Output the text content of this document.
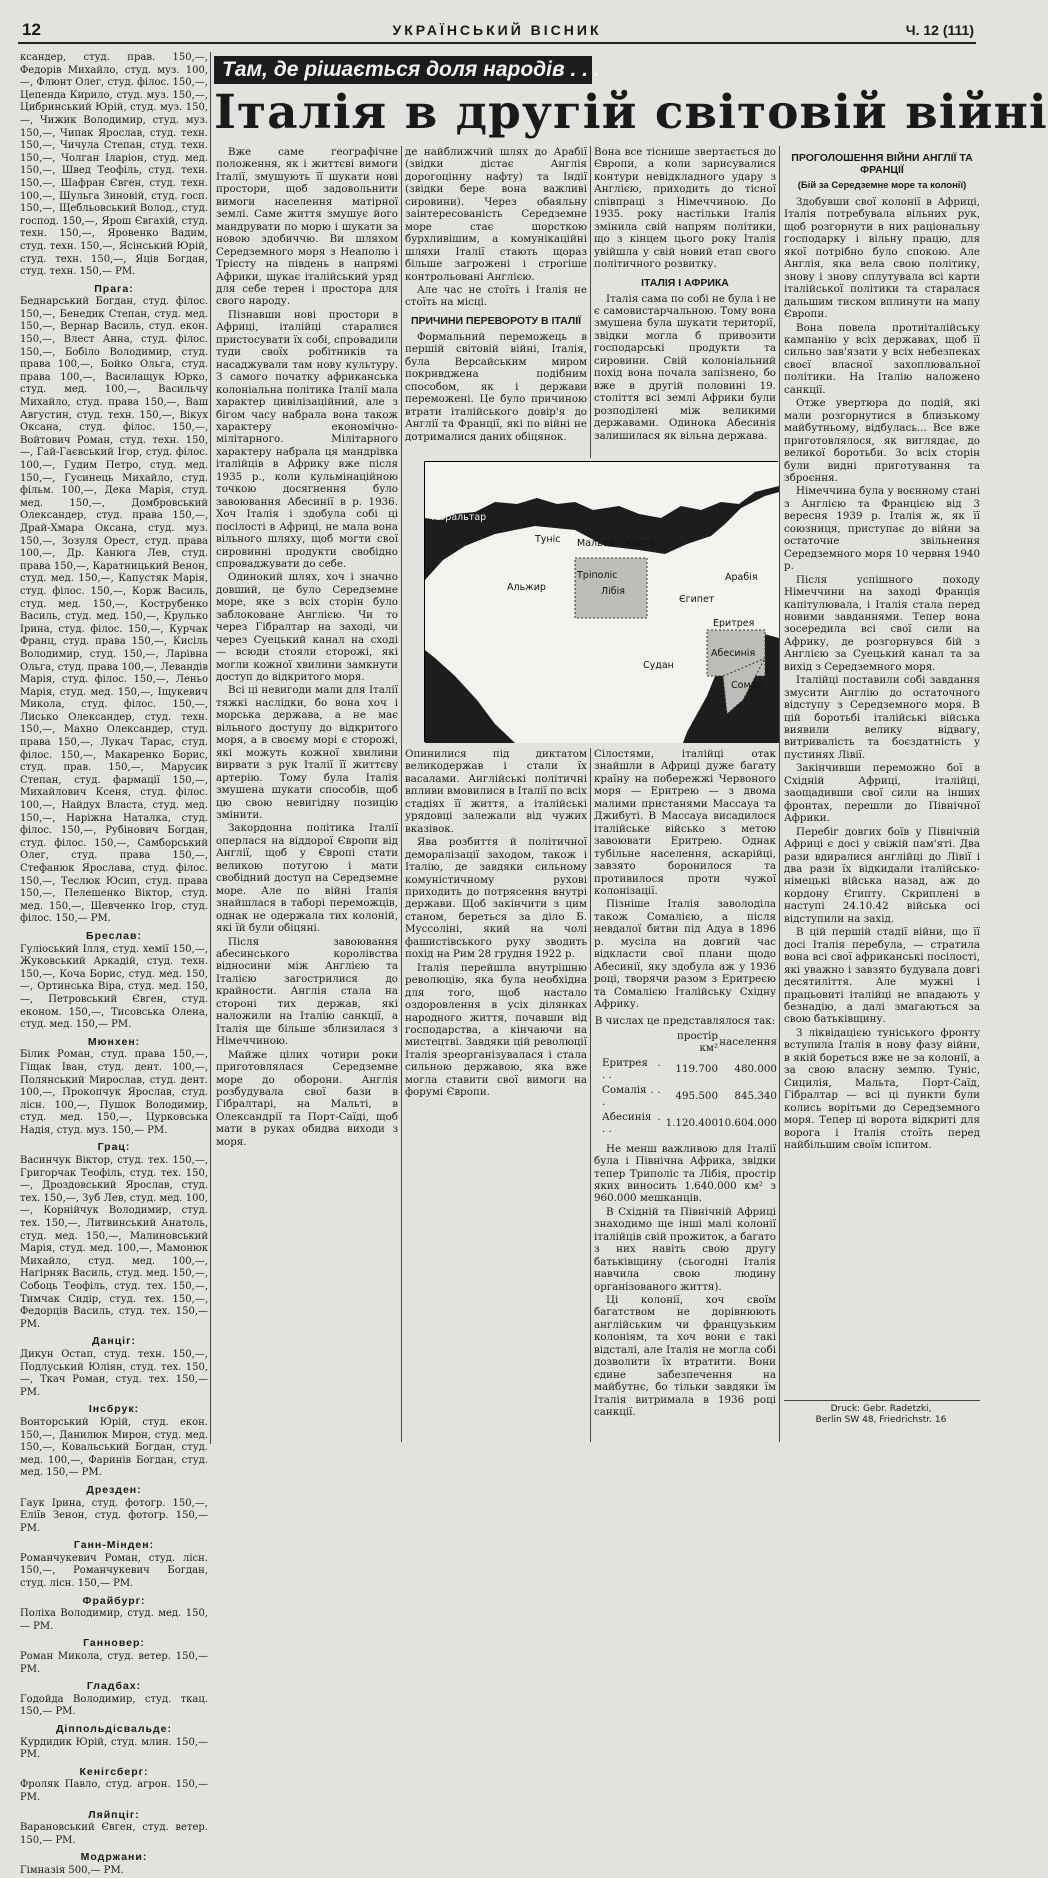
12	УКРАЇНСЬКИЙ ВІСНИК	Ч. 12 (111)

ксандер, студ. прав. 150,—, Федорів Михайло, студ. муз. 100,—, Флюнт Олег, студ. філос. 150,—, Цепенда Кирило, студ. муз. 150,—, Цибринський Юрій, студ. муз. 150,—, Чижик Володимир, студ. муз. 150,—, Чипак Ярослав, студ. техн. 150,—, Чичула Степан, студ. техн. 150,—, Чолган Іларіон, студ. мед. 150,—, Швед Теофіль, студ. техн. 150,—, Шафран Євген, студ. техн. 100,—, Шульга Зиновій, студ. госп. 150,—, Щебльовський Волод., студ. господ. 150,—, Ярош Євгахій, студ. техн. 150,—, Яровенко Вадим, студ. техн. 150,—, Ясінський Юрій, студ. техн. 150,—, Яців Богдан, студ. техн. 150,— РМ.

Прага:

Беднарський Богдан, студ. філос. 150,—, Бенедик Степан, студ. мед. 150,—, Вернар Василь, студ. екон. 150,—, Влест Анна, студ. філос. 150,—, Бобіло Володимир, студ. права 100,—, Бойко Ольга, студ. права 100,—, Василащук Юрко, студ. мед. 100,—, Васильчу Михайло, студ. права 150,—, Ваш Августин, студ. техн. 150,—, Вікух Оксана, студ. філос. 150,—, Войтович Роман, студ. техн. 150,—, Гай-Гаєвський Ігор, студ. філос. 100,—, Гудим Петро, студ. мед. 150,—, Гусинець Михайло, студ. фільм. 100,—, Дека Марія, студ. мед. 150,—, Домбровський Олександер, студ. права 150,—, Драй-Хмара Оксана, студ. муз. 150,—, Зозуля Орест, студ. права 100,—, Др. Канюга Лев, студ. права 150,—, Каратницький Венон, студ. мед. 150,—, Капустяк Марія, студ. філос. 150,—, Корж Василь, студ. мед. 150,—, Кострубенко Василь, студ. мед. 150,—, Крулько Ірина, студ. філос. 150,—, Курчак Франц, студ. права 150,—, Кисіль Володимир, студ. 150,—, Ларівна Ольга, студ. права 100,—, Левандів Марія, студ. філос. 150,—, Леньо Марія, студ. мед. 150,—, Іщукевич Микола, студ. філос. 150,—, Лисько Олександер, студ. техн. 150,—, Махно Олександер, студ. права 150,—, Лукач Тарас, студ. філос. 150,—, Макаренко Борис, студ. прав. 150,—, Марусик Степан, студ. фармації 150,—, Михайлович Ксеня, студ. філос. 100,—, Найдух Власта, студ. мед. 150,—, Наріжна Наталка, студ. філос. 150,—, Рубінович Богдан, студ. філос. 150,—, Самборський Олег, студ. права 150,—, Стефанюк Ярослава, студ. філос. 150,—, Теслюк Юсип, студ. права 150,—, Пелешенко Віктор, студ. мед. 150,—, Шевченко Ігор, студ. філос. 150,— РМ.

Бреслав:

Гуліоський Ілля, студ. хемії 150,—, Жуковський Аркадій, студ. техн. 150,—, Коча Борис, студ. мед. 150,—, Ортинська Віра, студ. мед. 150,—, Петровський Євген, студ. економ. 150,—, Тисовська Олена, студ. мед. 150,— РМ.

Мюнхен:

Білик Роман, студ. права 150,—, Гіщак Іван, студ. дент. 100,—, Полянський Мирослав, студ. дент. 100,—, Прокопчук Ярослав, студ. лісн. 100,—, Пушок Володимир, студ. мед. 150,—, Цурковська Надія, студ. муз. 150,— РМ.

Грац:

Васинчук Віктор, студ. тех. 150,—, Григорчак Теофіль, студ. тех. 150,—, Дроздовський Ярослав, студ. тех. 150,—, Зуб Лев, студ. мед. 100,—, Корнійчук Володимир, студ. тех. 150,—, Литвинський Анатоль, студ. мед. 150,—, Малиновський Марія, студ. мед. 100,—, Мамонюк Михайло, студ. мед. 100,—, Нагірняк Василь, студ. мед. 150,—, Собоць Теофіль, студ. тех. 150,—, Тимчак Сидір, студ. тех. 150,—, Федорців Василь, студ. тех. 150,— РМ.

Данціг:

Дикун Остап, студ. техн. 150,—, Подлуський Юліян, студ. тех. 150,—, Ткач Роман, студ. тех. 150,— РМ.

Інсбрук:

Вонторський Юрій, студ. екон. 150,—, Данилюк Мирон, студ. мед. 150,—, Ковальський Богдан, студ. мед. 100,—, Фаринів Богдан, студ. мед. 150,— РМ.

Дрезден:

Гаук Ірина, студ. фотогр. 150,—, Еліїв Зенон, студ. фотогр. 150,— РМ.

Ганн-Мінден:

Романчукевич Роман, студ. лісн. 150,—, Романчукевич Богдан, студ. лісн. 150,— РМ.

Фрайбург:

Поліха Володимир, студ. мед. 150,— РМ.

Ганновер:

Роман Микола, студ. ветер. 150,— РМ.

Гладбах:

Годойда Володимир, студ. ткац. 150,— РМ.

Діппольдісвальде:

Курдидик Юрій, студ. млин. 150,— РМ.

Кенігсберг:

Фроляк Павло, студ. агрон. 150,— РМ.

Ляйпціг:

Варановський Євген, студ. ветер. 150,— РМ.

Модржани:

Гімназія 500,— РМ.

Там, де рішається доля народів . . .
Італія в другій світовій війні

Вже саме географічне положення, як і життєві вимоги Італії, змушують її шукати нові простори, щоб задовольнити вимоги населення матірної землі. Саме життя змушує його мандрувати по морю і шукати за новою здобиччю. Ви шляхом Середземного моря з Неаполю і Трієсту на південь в напрямі Африки, шукає італійський уряд для себе терен і простора для свого народу.

Пізнавши нові простори в Африці, італійці старалися пристосувати їх собі, спровадили туди своїх робітників та насаджували там нову культуру. З самого початку африканська колоніальна політика Італії мала характер цивілізаційний, але з бігом часу набрала вона також характеру економічно-мілітарного. Мілітарного характеру набрала ця мандрівка італійців в Африку вже після 1935 р., коли кульмінаційною точкою досягнення було завоювання Абесинії в р. 1936. Хоч Італія і здобула собі ці посілості в Африці, не мала вона вільного шляху, щоб могти свої сировинні продукти свобідно спроваджувати до себе.

Одинокий шлях, хоч і значно довший, це було Середземне море, яке з всіх сторін було заблоковане Англією. Чи то через Гібралтар на заході, чи через Суецький канал на сході — всюди стояли сторожі, які могли кожної хвилини замкнути доступ до відкритого моря.

Всі ці невигоди мали для Італії тяжкі наслідки, бо вона хоч і морська держава, а не має вільного доступу до відкритого моря, а в своєму морі є сторожі, які можуть кожної хвилини вирвати з рук Італії її життєву артерію. Тому була Італія змушена шукати способів, щоб цю свою невигідну позицію змінити.

Закордонна політика Італії оперлася на віддорої Європи від Англії, щоб у Європі стати великою потугою і мати свобідний доступ на Середземне море. Але по війні Італія знайшлася в таборі переможців, однак не одержала тих колоній, які їй були обіцяні.

Після завоювання абесинського королівства відносини між Англією та Італією загострилися до крайности. Англія стала на стороні тих держав, які наложили на Італію санкції, а Італія ще більше зблизилася з Німеччиною.

Майже цілих чотири роки приготовлялася Середземне море до оборони. Англія розбудувала свої бази в Гібралтарі, на Мальті, в Олександрії та Порт-Саїді, щоб мати в руках обидва виходи з моря.

де найближчий шлях до Арабії (звідки дістає Англія дорогоцінну нафту) та Індії (звідки бере вона важливі сировини). Через обаяльну заінтересованість Середземне море стає шорсткою бурхливішим, а комунікаційні шляхи Італії стають щораз більше загрожені і строгіше контрольовані Англією.

Але час не стоїть і Італія не стоїть на місці.

ПРИЧИНИ ПЕРЕВОРОТУ В ІТАЛІЇ

Формальний переможець в першій світовій війні, Італія, була Версайським миром покривджена подібним способом, як і держави переможені. Це було причиною втрати італійського довір'я до Англії та Франції, які по війні не дотрималися даних обіцянок.

Вона все тіснише звертається до Європи, а коли зарисувалися контури невідкладного удару з Англією, приходить до тісної співпраці з Німеччиною. До 1935. року настільки Італія змінила свій напрям політики, що з кінцем цього року Італія увійшла у свій новий етап свого політичного розвитку.

ІТАЛІЯ І АФРИКА

Італія сама по собі не була і не є самовистарчальною. Тому вона змушена була шукати території, звідки могла б привозити господарські продукти та сировини. Свій колоніальний похід вона почала запізнено, бо вже в другій половині 19. століття всі землі Африки були розподілені між великими державами. Одинока Абесинія залишилася як вільна держава.

Гібральтар
Туніс Мальта Крета
Альжир
Тріполіс
Лібія
Єгипет
Арабія
Судан
Еритрея
Абесинія
Сомалі

Опинилися під диктатом великодержав і стали їх васалами. Англійські політичні впливи вмовилися в Італії по всіх стадіях її життя, а італійські урядовці залежали від чужих вказівок.

Ява розбиття й політичної деморалізації заходом, також і Італію, де завдяки сильному комуністичному рухові приходить до потрясення внутрі держави. Щоб закінчити з цим станом, береться за діло Б. Муссоліні, який на чолі фашистівського руху зводить похід на Рим 28 грудня 1922 р.

Італія перейшла внутрішню революцію, яка була необхідна для того, щоб настало оздоровлення в усіх ділянках народного життя, почавши від господарства, а кінчаючи на мистецтві. Завдяки цій революції Італія зреорганізувалася і стала сильною державою, яка вже могла ставити свої вимоги на форумі Європи.

Сілостями, італійці отак знайшли в Африці дуже багату країну на побережжі Червоного моря — Еритрею — з двома малими пристанями Массауа та Джибуті. В Массауа висадилося італійське військо з метою завоювати Еритрею. Однак тубільне населення, аскарійці, завзято боронилося та противилося проти чужої колонізації.

Пізніше Італія заволоділа також Сомалією, а після невдалої битви під Адуа в 1896 р. мусіла на довгий час відкласти свої плани щодо Абесинії, яку здобула аж у 1936 році, творячи разом з Еритреєю та Сомалією Італійську Східну Африку.

В числах це представлялося так:

	простір км²	населення
Еритрея . . .	119.700	480.000
Сомалія . . .	495.500	845.340
Абесинія . . .	1.120.400	10.604.000

Не менш важливою для Італії була і Північна Африка, звідки тепер Триполіс та Лібія, простір яких виносить 1.640.000 км² з 960.000 мешканців.

В Східній та Північній Африці знаходимо ще інші малі колонії італійців свій прожиток, а багато з них навіть свою другу батьківщину (сьогодні Італія навчила свою людину організованого життя).

Ці колонії, хоч своїм багатством не дорівнюють англійським чи французьким колоніям, та хоч вони є такі відсталі, але Італія не могла собі дозволити їх втратити. Вони єдине забезпечення на майбутнє, бо тільки завдяки їм Італія витримала в 1936 році санкції.

ПРОГОЛОШЕННЯ ВІЙНИ АНГЛІЇ ТА ФРАНЦІЇ
(Бій за Середземне море та колонії)

Здобувши свої колонії в Африці, Італія потребувала вільних рук, щоб розгорнути в них раціональну господарку і вільну працю, для якої потрібно було спокою. Але Англія, яка вела свою політику, знову і знову сплутувала всі карти італійської політики та старалася дальшим тиском вплинути на мапу Європи.

Вона повела протиіталійську кампанію у всіх державах, щоб її сильно зав'язати у всіх небезпеках своєї власної захоплювальної політики. На Італію наложено санкції.

Отже увертюра до подій, які мали розгорнутися в близькому майбутньому, відбулась... Все вже приготовлялося, як виглядає, до великої боротьби. Зо всіх сторін були видні приготування та зброєння.

Німеччина була у воєнному стані з Англією та Францією від 3 вересня 1939 р. Італія ж, як її союзниця, приступає до війни за остаточне звільнення Середземного моря 10 червня 1940 р.

Після успішного походу Німеччини на заході Франція капітулювала, і Італія стала перед новими завданнями. Тепер вона зосередила всі свої сили на Африку, де розгорнувся бій з Англією за Суецький канал та за вихід з Середземного моря.

Італійці поставили собі завдання змусити Англію до остаточного відступу з Середземного моря. В цій боротьбі італійські війська виявили велику відвагу, витривалість та боєздатність у пустинях Лівії.

Закінчивши переможно бої в Східній Африці, італійці, заощадивши свої сили на інших фронтах, перешли до Північної Африки.

Перебіг довгих боїв у Північній Африці є досі у свіжій пам'яті. Два рази вдиралися англійці до Лівії і два рази їх відкидали італійсько-німецькі війська назад, аж до кордону Єгипту. Скриплені в наступі 24.10.42 війська осі відступили на захід.

В цій першій стадії війни, що її досі Італія перебула, — стратила вона всі свої африканські посілості, які уважно і завзято будувала довгі десятиліття. Але мужні і працьовиті італійці не впадають у безнадію, а далі змагаються за свою батьківщину.

З ліквідацією туніського фронту вступила Італія в нову фазу війни, в якій бореться вже не за колонії, а за свою власну землю. Туніс, Сицилія, Мальта, Порт-Саїд, Гібралтар — всі ці пункти були колись ворітьми до Середземного моря. Тепер ці ворота відкриті для ворога і Італія стоїть перед найбільшим своїм іспитом.

Druck: Gebr. Radetzki,
Berlin SW 48, Friedrichstr. 16
